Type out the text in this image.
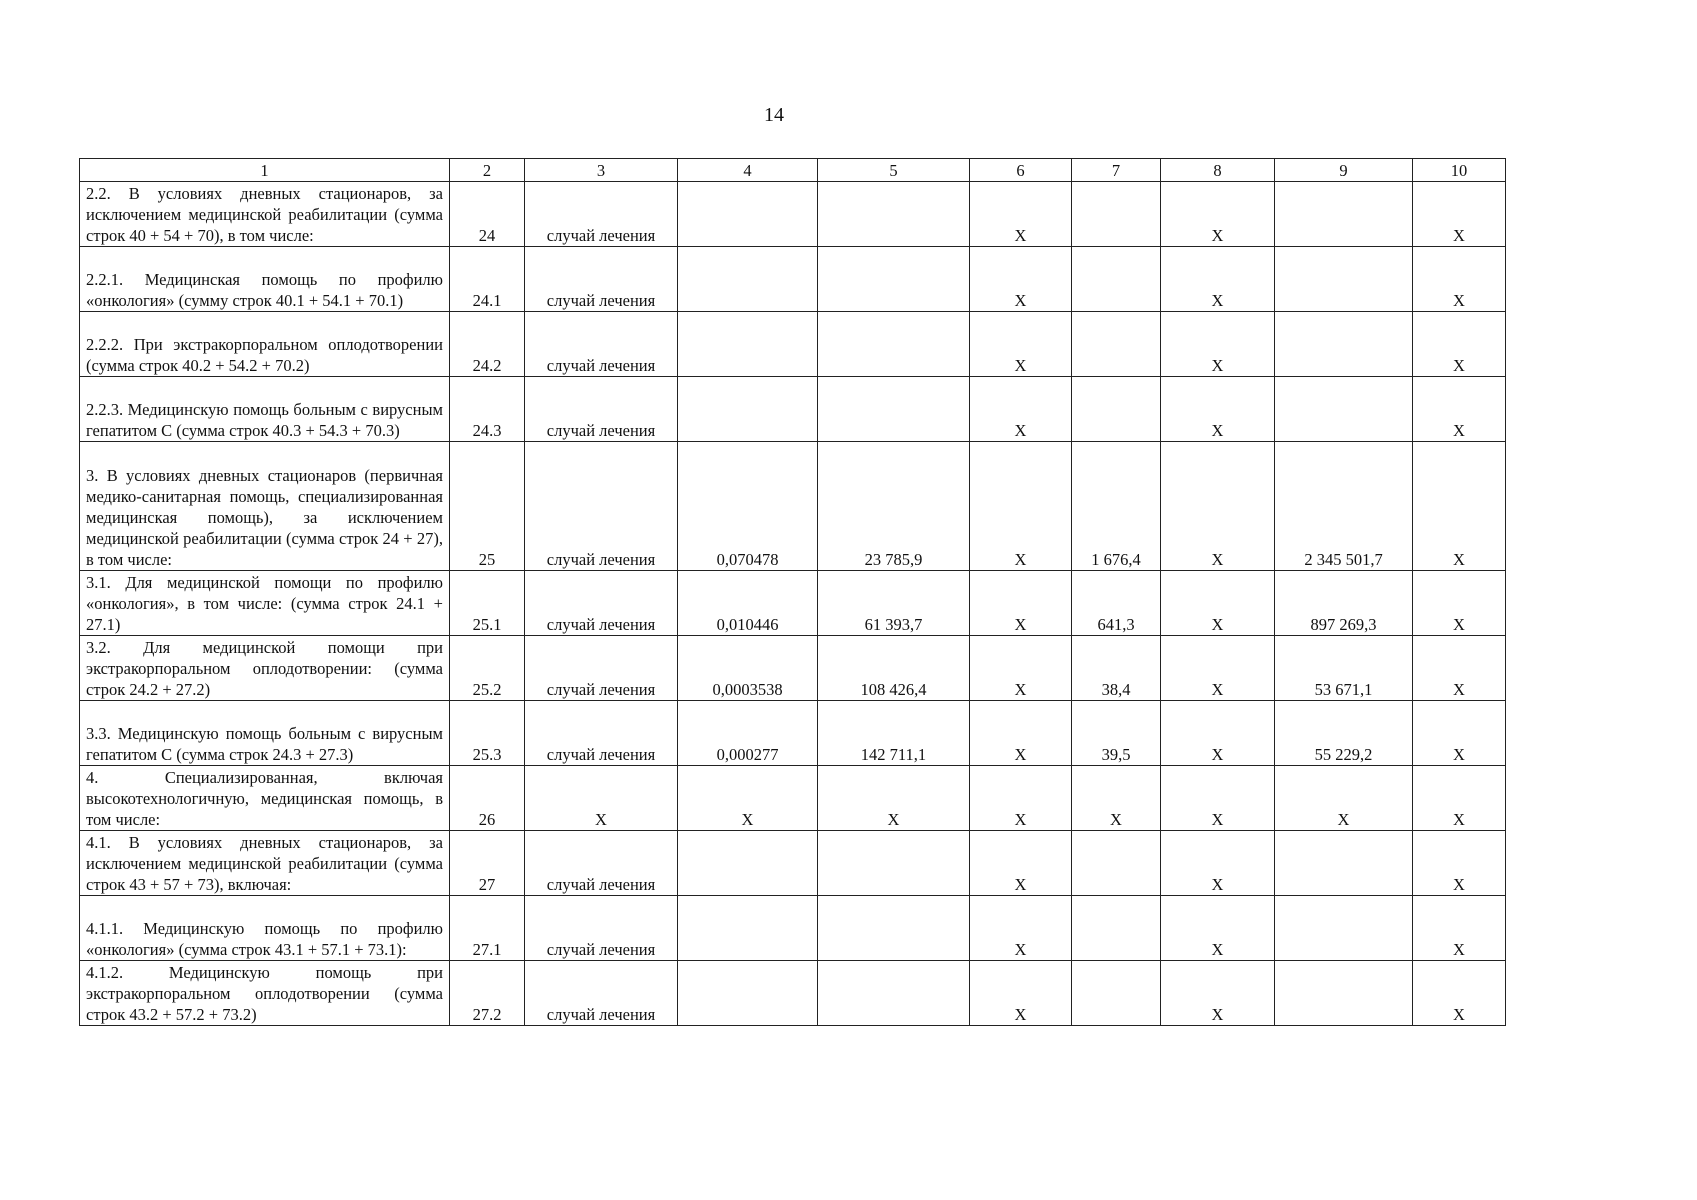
14
1	2	3	4	5	6	7	8	9	10
2.2. В условиях дневных стационаров, за исключением медицинской реабилитации (сумма строк 40 + 54 + 70), в том числе:	24	случай лечения			X		X		X
2.2.1. Медицинская помощь по профилю «онкология» (сумму строк 40.1 + 54.1 + 70.1)	24.1	случай лечения			X		X		X
2.2.2. При экстракорпоральном оплодотворении (сумма строк 40.2 + 54.2 + 70.2)	24.2	случай лечения			X		X		X
2.2.3. Медицинскую помощь больным с вирусным гепатитом С (сумма строк 40.3 + 54.3 + 70.3)	24.3	случай лечения			X		X		X
3. В условиях дневных стационаров (первичная медико-санитарная помощь, специализированная медицинская помощь), за исключением медицинской реабилитации (сумма строк 24 + 27), в том числе:	25	случай лечения	0,070478	23 785,9	X	1 676,4	X	2 345 501,7	X
3.1. Для медицинской помощи по профилю «онкология», в том числе: (сумма строк 24.1 + 27.1)	25.1	случай лечения	0,010446	61 393,7	X	641,3	X	897 269,3	X
3.2. Для медицинской помощи при экстракорпоральном оплодотворении: (сумма строк 24.2 + 27.2)	25.2	случай лечения	0,0003538	108 426,4	X	38,4	X	53 671,1	X
3.3. Медицинскую помощь больным с вирусным гепатитом С (сумма строк 24.3 + 27.3)	25.3	случай лечения	0,000277	142 711,1	X	39,5	X	55 229,2	X
4. Специализированная, включая высокотехнологичную, медицинская помощь, в том числе:	26	X	X	X	X	X	X	X	X
4.1. В условиях дневных стационаров, за исключением медицинской реабилитации (сумма строк 43 + 57 + 73), включая:	27	случай лечения			X		X		X
4.1.1. Медицинскую помощь по профилю «онкология» (сумма строк 43.1 + 57.1 + 73.1):	27.1	случай лечения			X		X		X
4.1.2. Медицинскую помощь при экстракорпоральном оплодотворении (сумма строк 43.2 + 57.2 + 73.2)	27.2	случай лечения			X		X		X
